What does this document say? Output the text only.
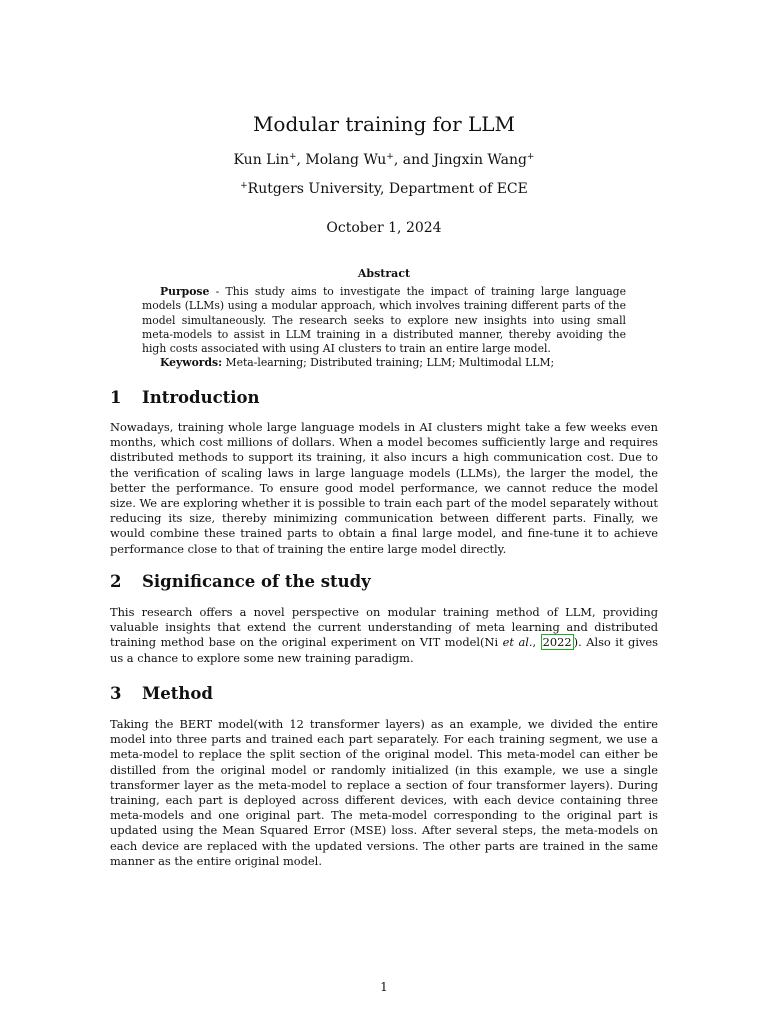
Modular training for LLM
Kun Lin+, Molang Wu+, and Jingxin Wang+
+Rutgers University, Department of ECE
October 1, 2024
Abstract

Purpose - This study aims to investigate the impact of training large language models (LLMs) using a modular approach, which involves training different parts of the model simultaneously. The research seeks to explore new insights into using small meta-models to assist in LLM training in a distributed manner, thereby avoiding the high costs associated with using AI clusters to train an entire large model.

Keywords: Meta-learning; Distributed training; LLM; Multimodal LLM;

1 Introduction

Nowadays, training whole large language models in AI clusters might take a few weeks even months, which cost millions of dollars. When a model becomes sufficiently large and requires distributed methods to support its training, it also incurs a high communication cost. Due to the verification of scaling laws in large language models (LLMs), the larger the model, the better the performance. To ensure good model performance, we cannot reduce the model size. We are exploring whether it is possible to train each part of the model separately without reducing its size, thereby minimizing communication between different parts. Finally, we would combine these trained parts to obtain a final large model, and fine-tune it to achieve performance close to that of training the entire large model directly.

2 Significance of the study

This research offers a novel perspective on modular training method of LLM, providing valuable insights that extend the current understanding of meta learning and distributed training method base on the original experiment on VIT model(Ni et al., 2022 ). Also it gives us a chance to explore some new training paradigm.

3 Method

Taking the BERT model(with 12 transformer layers) as an example, we divided the entire model into three parts and trained each part separately. For each training segment, we use a meta-model to replace the split section of the original model. This meta-model can either be distilled from the original model or randomly initialized (in this example, we use a single transformer layer as the meta-model to replace a section of four transformer layers). During training, each part is deployed across different devices, with each device containing three meta-models and one original part. The meta-model corresponding to the original part is updated using the Mean Squared Error (MSE) loss. After several steps, the meta-models on each device are replaced with the updated versions. The other parts are trained in the same manner as the entire original model.

1
